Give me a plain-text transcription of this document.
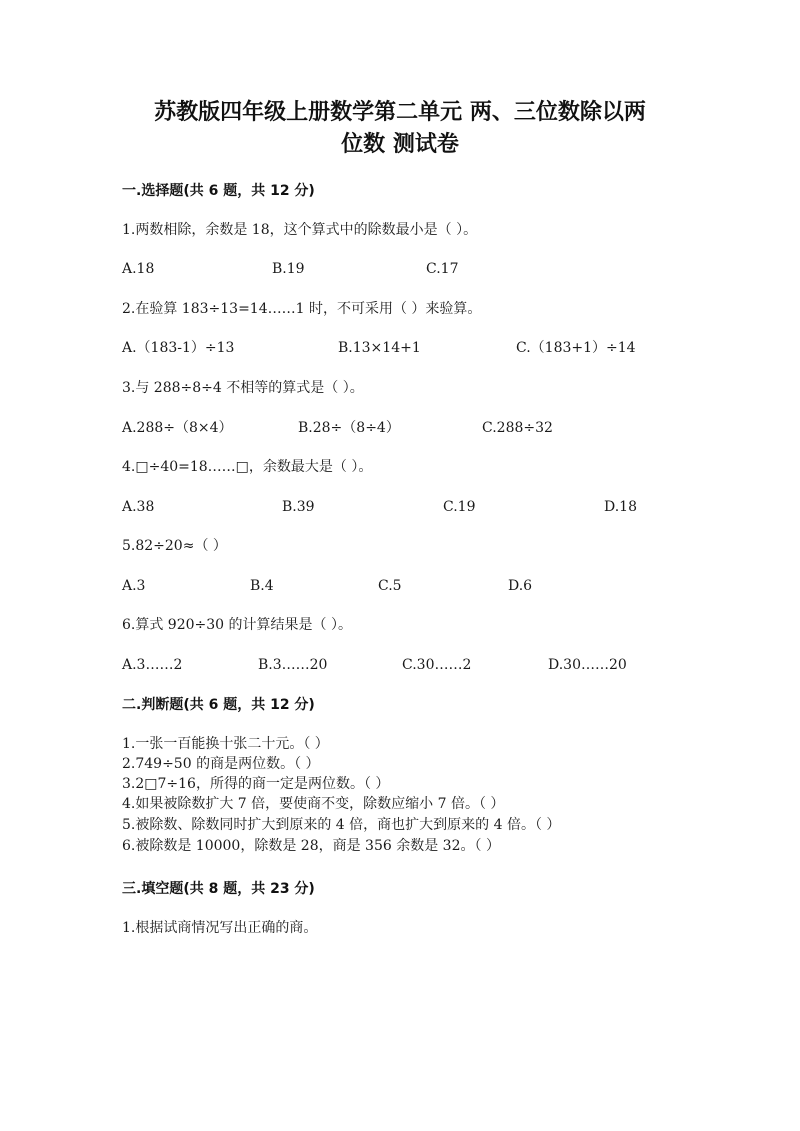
苏教版四年级上册数学第二单元 两、三位数除以两
位数 测试卷
一.选择题(共 6 题，共 12 分)
1.两数相除，余数是 18，这个算式中的除数最小是（ ）。
A.18	B.19	C.17
2.在验算 183÷13=14……1 时，不可采用（ ）来验算。
A.（183-1）÷13	B.13×14+1	C.（183+1）÷14
3.与 288÷8÷4 不相等的算式是（ ）。
A.288÷（8×4）	B.28÷（8÷4）	C.288÷32
4.□÷40=18……□，余数最大是（ ）。
A.38	B.39	C.19	D.18
5.82÷20≈（ ）
A.3	B.4	C.5	D.6
6.算式 920÷30 的计算结果是（ ）。
A.3……2	B.3……20	C.30……2	D.30……20
二.判断题(共 6 题，共 12 分)
1.一张一百能换十张二十元。（ ）
2.749÷50 的商是两位数。（ ）
3.2□7÷16，所得的商一定是两位数。（ ）
4.如果被除数扩大 7 倍，要使商不变，除数应缩小 7 倍。（ ）
5.被除数、除数同时扩大到原来的 4 倍，商也扩大到原来的 4 倍。（ ）
6.被除数是 10000，除数是 28，商是 356 余数是 32。（ ）
三.填空题(共 8 题，共 23 分)
1.根据试商情况写出正确的商。
